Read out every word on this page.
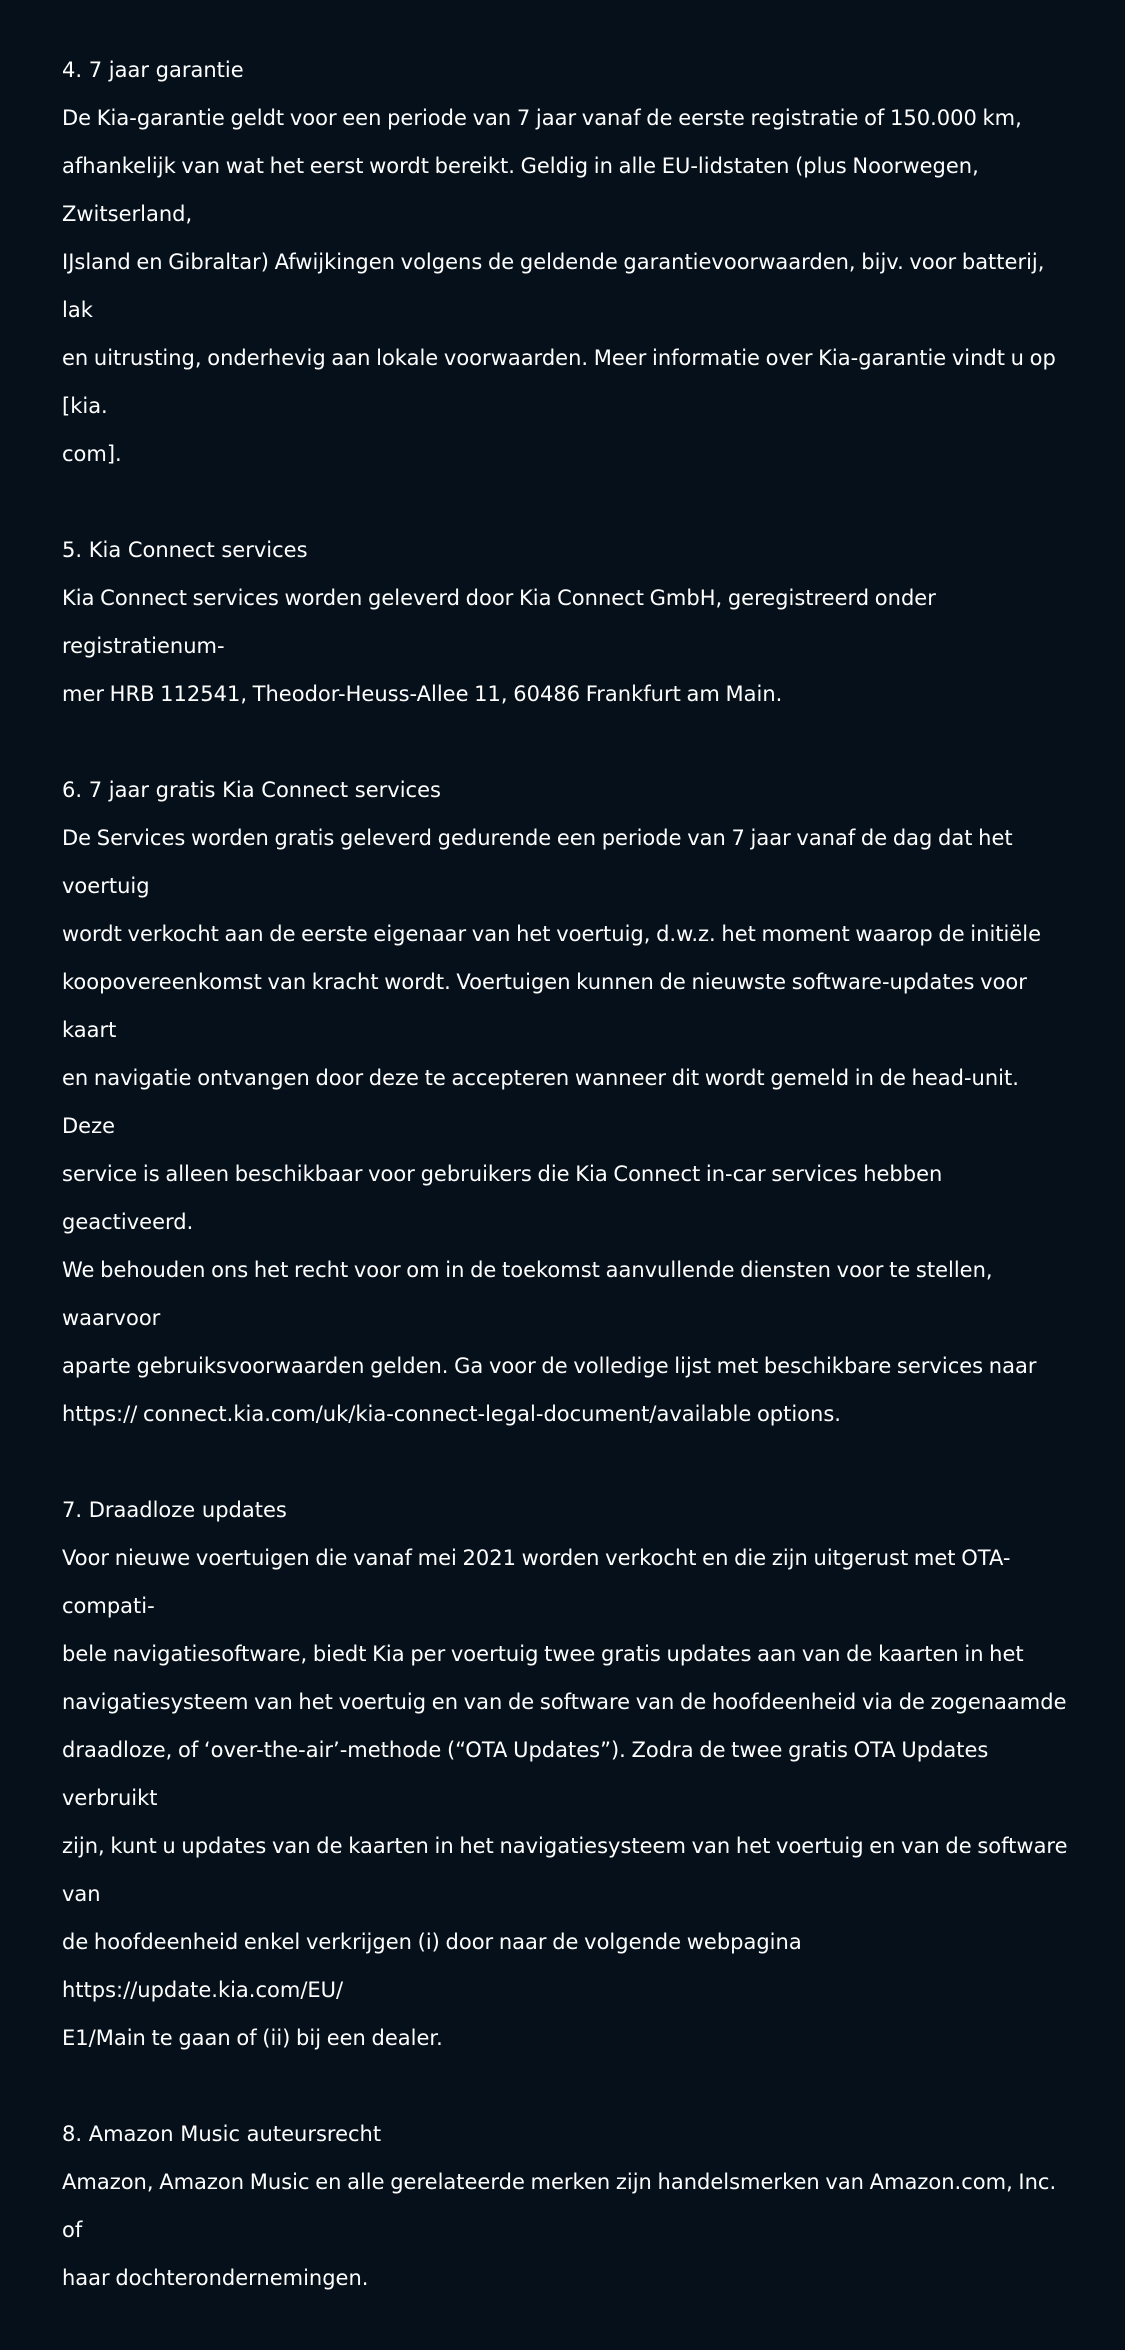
4. 7 jaar garantie

De Kia-garantie geldt voor een periode van 7 jaar vanaf de eerste registratie of 150.000 km,
afhankelijk van wat het eerst wordt bereikt. Geldig in alle EU-lidstaten (plus Noorwegen, Zwitserland,
IJsland en Gibraltar) Afwijkingen volgens de geldende garantievoorwaarden, bijv. voor batterij, lak
en uitrusting, onderhevig aan lokale voorwaarden. Meer informatie over Kia-garantie vindt u op [kia.
com].

5. Kia Connect services

Kia Connect services worden geleverd door Kia Connect GmbH, geregistreerd onder registratienum-
mer HRB 112541, Theodor-Heuss-Allee 11, 60486 Frankfurt am Main.

6. 7 jaar gratis Kia Connect services

De Services worden gratis geleverd gedurende een periode van 7 jaar vanaf de dag dat het voertuig
wordt verkocht aan de eerste eigenaar van het voertuig, d.w.z. het moment waarop de initiële
koopovereenkomst van kracht wordt. Voertuigen kunnen de nieuwste software-updates voor kaart
en navigatie ontvangen door deze te accepteren wanneer dit wordt gemeld in de head-unit. Deze
service is alleen beschikbaar voor gebruikers die Kia Connect in-car services hebben geactiveerd.
We behouden ons het recht voor om in de toekomst aanvullende diensten voor te stellen, waarvoor
aparte gebruiksvoorwaarden gelden. Ga voor de volledige lijst met beschikbare services naar
https:// connect.kia.com/uk/kia-connect-legal-document/available options.

7. Draadloze updates

Voor nieuwe voertuigen die vanaf mei 2021 worden verkocht en die zijn uitgerust met OTA-compati-
bele navigatiesoftware, biedt Kia per voertuig twee gratis updates aan van de kaarten in het
navigatiesysteem van het voertuig en van de software van de hoofdeenheid via de zogenaamde
draadloze, of ‘over-the-air’-methode (“OTA Updates”). Zodra de twee gratis OTA Updates verbruikt
zijn, kunt u updates van de kaarten in het navigatiesysteem van het voertuig en van de software van
de hoofdeenheid enkel verkrijgen (i) door naar de volgende webpagina https://update.kia.com/EU/
E1/Main te gaan of (ii) bij een dealer.

8. Amazon Music auteursrecht

Amazon, Amazon Music en alle gerelateerde merken zijn handelsmerken van Amazon.com, Inc. of
haar dochterondernemingen.
